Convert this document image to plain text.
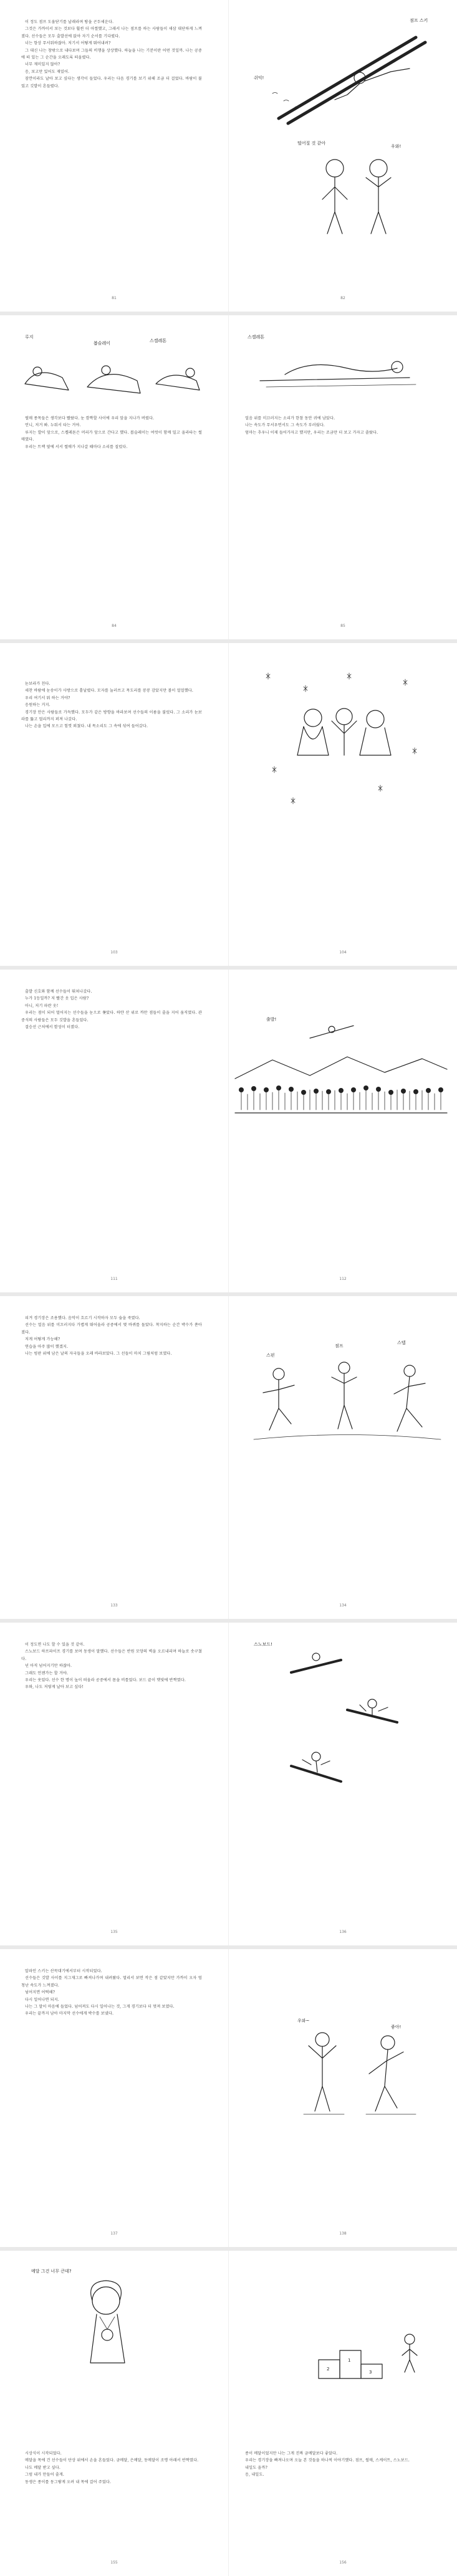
이 정도 점프 도움닫기를 날래라며 땅을 곤두세운다.

그것은 가까이서 보는 것보다 훨씬 더 아찔했고, 그래서 나는 점프를 하는 사람들이 새삼 대단하게 느껴졌다. 선수들은 모두 출발선에 앉아 자기 순서를 기다렸다.

너는 항상 무서워하잖아. 저기서 어떻게 뛰어내려?

그 대신 나는 창밖으로 내다보며 그들의 비행을 상상했다. 하늘을 나는 기분이란 어떤 것일까. 나는 공중에 떠 있는 그 순간을 오래도록 떠올렸다.

너무 재미있지 않아?

응, 보고만 있어도 재밌어.

잠깐이라도 날아 보고 싶다는 생각이 들었다. 우리는 다음 경기를 보기 위해 조금 더 걸었다. 바람이 불었고 깃발이 흔들렸다.

81
점프 스키
쉬익!
떨어질 것 같아
우와!
82
루지
봅슬레이	스켈레톤

썰매 종목들은 생각보다 빨랐다. 눈 깜짝할 사이에 우리 앞을 지나가 버렸다.

언니, 저거 봐. 누워서 타는 거야.

루지는 발이 앞으로, 스켈레톤은 머리가 앞으로 간다고 했다. 봅슬레이는 여럿이 함께 밀고 올라타는 썰매였다.

우리는 트랙 옆에 서서 썰매가 지나갈 때마다 소리를 질렀다.

84
스켈레톤

얼음 위를 미끄러지는 소리가 한참 동안 귀에 남았다.

나는 속도가 무서우면서도 그 속도가 부러웠다.

엄마는 추우니 이제 들어가자고 했지만, 우리는 조금만 더 보고 가자고 졸랐다.

85

눈보라가 친다.

세찬 바람에 눈송이가 사방으로 흩날렸다. 모자를 눌러쓰고 목도리를 꽁꽁 감았지만 볼이 얼얼했다.

우리 여기서 뭐 하는 거야?

응원하는 거지.

경기장 안은 사람들로 가득했다. 모두가 같은 방향을 바라보며 선수들의 이름을 불렀다. 그 소리가 눈보라를 뚫고 멀리까지 퍼져 나갔다.

나는 손을 입에 모으고 힘껏 외쳤다. 내 목소리도 그 속에 섞여 들어갔다.

103	104

출발 신호와 함께 선수들이 뛰쳐나갔다.

누가 1등일까? 저 빨간 옷 입은 사람?

아니, 저기 파란 옷!

우리는 점이 되어 멀어지는 선수들을 눈으로 쫓았다. 하얀 산 위로 까만 점들이 줄을 지어 움직였다. 관중석의 사람들은 모두 깃발을 흔들었다.

결승선 근처에서 함성이 터졌다.

111
출발!
112

피겨 경기장은 조용했다. 음악이 흐르기 시작하자 모두 숨을 죽였다.

선수는 얼음 위를 미끄러지다 가볍게 뛰어올라 공중에서 몇 바퀴를 돌았다. 착지하는 순간 박수가 쏟아졌다.

저게 어떻게 가능해?

연습을 아주 많이 했겠지.

나는 빙판 위에 남은 날의 자국들을 오래 바라보았다. 그 선들이 마치 그림처럼 보였다.

133
스핀
점프
스텝
134

이 정도면 나도 할 수 있을 것 같아.

스노보드 하프파이프 경기를 보며 동생이 말했다. 선수들은 반원 모양의 벽을 오르내리며 하늘로 솟구쳤다.

넌 아직 넘어지기만 하잖아.

그래도 언젠가는 할 거야.

우리는 웃었다. 선수 한 명이 높이 떠올라 공중에서 몸을 비틀었다. 보드 끝이 햇빛에 반짝였다.

우와, 나도 저렇게 날아 보고 싶다!

135
스노보드!
136

알파인 스키는 산꼭대기에서부터 시작되었다.

선수들은 깃발 사이를 지그재그로 빠져나가며 내려왔다. 멀리서 보면 작은 점 같았지만 가까이 오자 엄청난 속도가 느껴졌다.

넘어지면 어떡해?

다시 일어나면 되지.

나는 그 말이 마음에 들었다. 넘어져도 다시 일어나는 것, 그게 경기보다 더 멋져 보였다.

우리는 끝까지 남아 마지막 선수에게 박수를 보냈다.

137
우와~
좋아!
138
메달 그건 너무 큰데?

시상식이 시작되었다.

메달을 목에 건 선수들이 단상 위에서 손을 흔들었다. 금메달, 은메달, 동메달이 조명 아래서 반짝였다.

나도 메달 받고 싶다.

그럼 내가 만들어 줄게.

동생은 종이를 동그랗게 오려 내 목에 걸어 주었다.

155
1
2
3

종이 메달이었지만 나는 그게 진짜 금메달보다 좋았다.

우리는 경기장을 빠져나오며 오늘 본 것들을 하나씩 이야기했다. 점프, 썰매, 스케이트, 스노보드.

내일도 올까?

응, 내일도.

156
